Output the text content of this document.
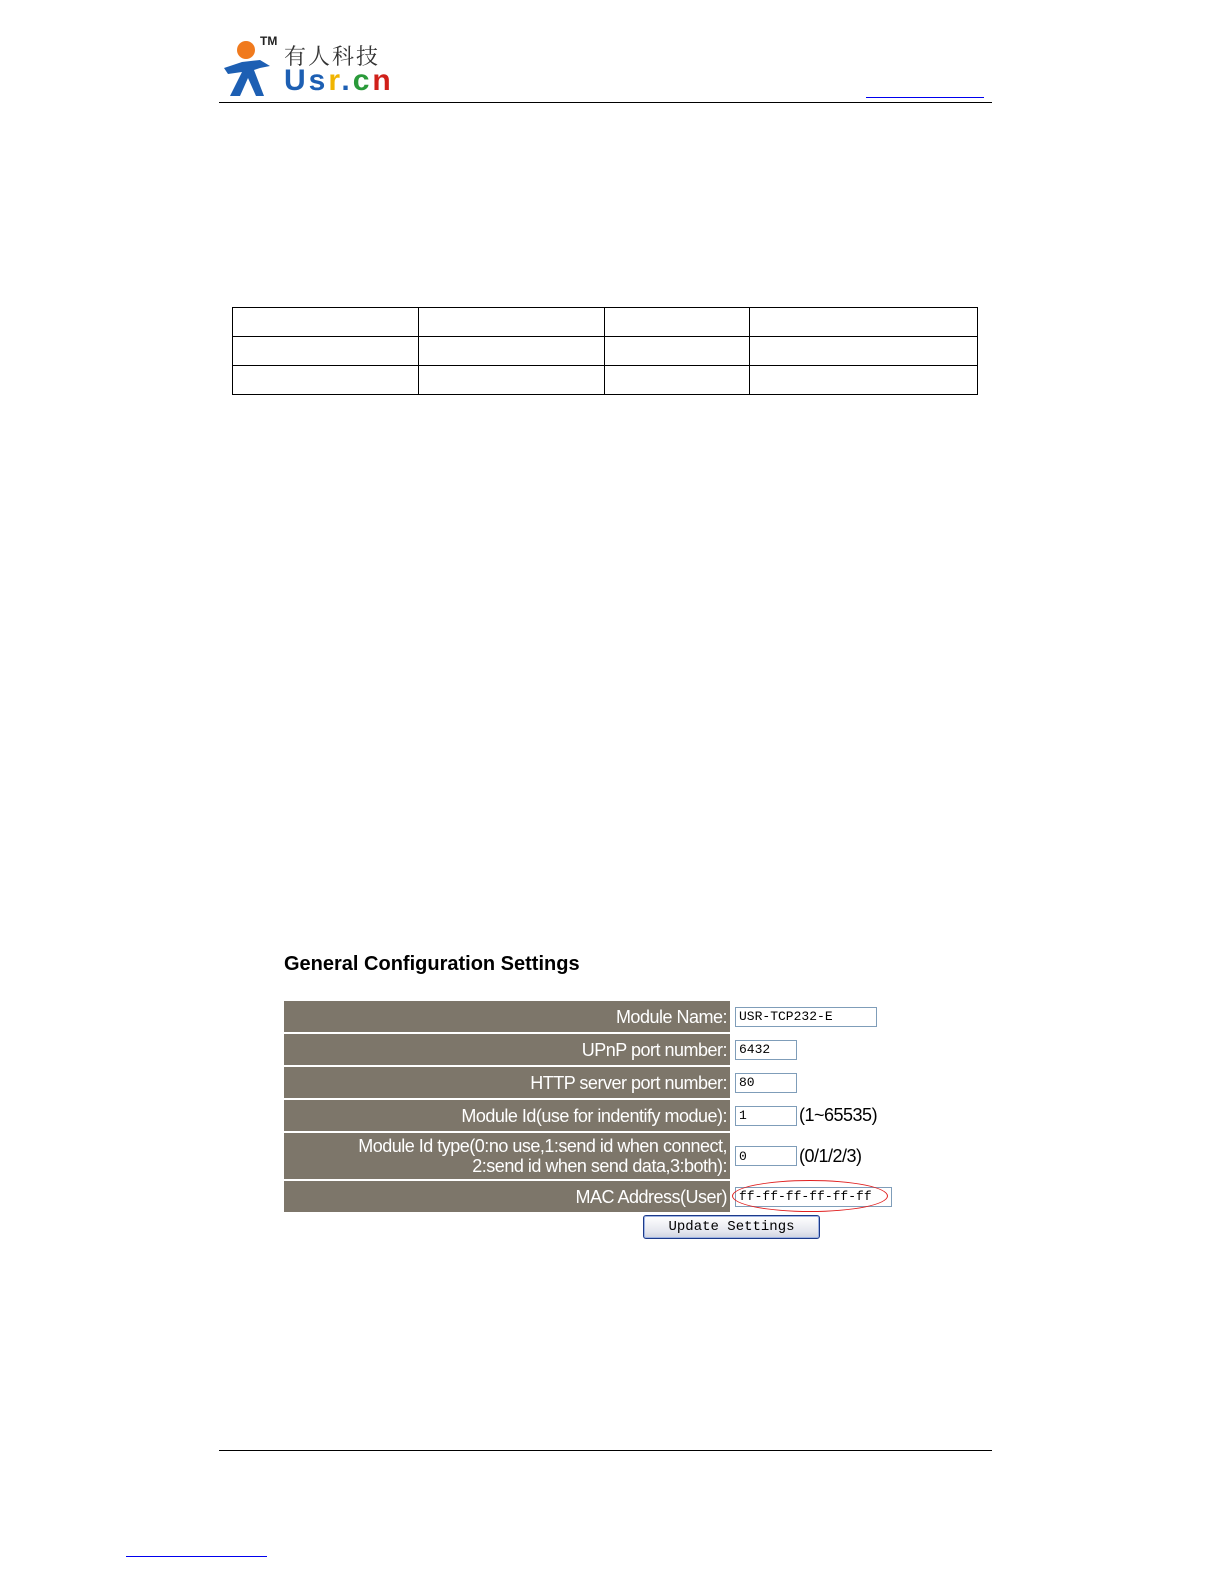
TM
有人科技
Usr.cn

General Configuration Settings
Module Name:
USR-TCP232-E
UPnP port number:
6432
HTTP server port number:
80
Module Id(use for indentify modue):
1	(1~65535)
Module Id type(0:no use,1:send id when connect,
2:send id when send data,3:both):
0
(0/1/2/3)
MAC Address(User)
ff-ff-ff-ff-ff-ff
Update Settings
